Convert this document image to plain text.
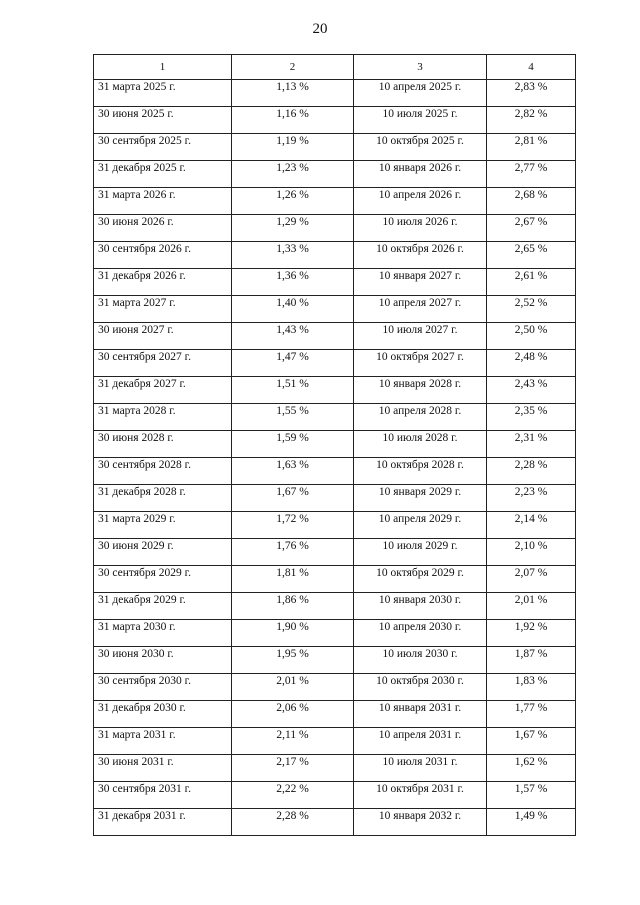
20
1	2	3	4
31 марта 2025 г.	1,13 %	10 апреля 2025 г.	2,83 %
30 июня 2025 г.	1,16 %	10 июля 2025 г.	2,82 %
30 сентября 2025 г.	1,19 %	10 октября 2025 г.	2,81 %
31 декабря 2025 г.	1,23 %	10 января 2026 г.	2,77 %
31 марта 2026 г.	1,26 %	10 апреля 2026 г.	2,68 %
30 июня 2026 г.	1,29 %	10 июля 2026 г.	2,67 %
30 сентября 2026 г.	1,33 %	10 октября 2026 г.	2,65 %
31 декабря 2026 г.	1,36 %	10 января 2027 г.	2,61 %
31 марта 2027 г.	1,40 %	10 апреля 2027 г.	2,52 %
30 июня 2027 г.	1,43 %	10 июля 2027 г.	2,50 %
30 сентября 2027 г.	1,47 %	10 октября 2027 г.	2,48 %
31 декабря 2027 г.	1,51 %	10 января 2028 г.	2,43 %
31 марта 2028 г.	1,55 %	10 апреля 2028 г.	2,35 %
30 июня 2028 г.	1,59 %	10 июля 2028 г.	2,31 %
30 сентября 2028 г.	1,63 %	10 октября 2028 г.	2,28 %
31 декабря 2028 г.	1,67 %	10 января 2029 г.	2,23 %
31 марта 2029 г.	1,72 %	10 апреля 2029 г.	2,14 %
30 июня 2029 г.	1,76 %	10 июля 2029 г.	2,10 %
30 сентября 2029 г.	1,81 %	10 октября 2029 г.	2,07 %
31 декабря 2029 г.	1,86 %	10 января 2030 г.	2,01 %
31 марта 2030 г.	1,90 %	10 апреля 2030 г.	1,92 %
30 июня 2030 г.	1,95 %	10 июля 2030 г.	1,87 %
30 сентября 2030 г.	2,01 %	10 октября 2030 г.	1,83 %
31 декабря 2030 г.	2,06 %	10 января 2031 г.	1,77 %
31 марта 2031 г.	2,11 %	10 апреля 2031 г.	1,67 %
30 июня 2031 г.	2,17 %	10 июля 2031 г.	1,62 %
30 сентября 2031 г.	2,22 %	10 октября 2031 г.	1,57 %
31 декабря 2031 г.	2,28 %	10 января 2032 г.	1,49 %
